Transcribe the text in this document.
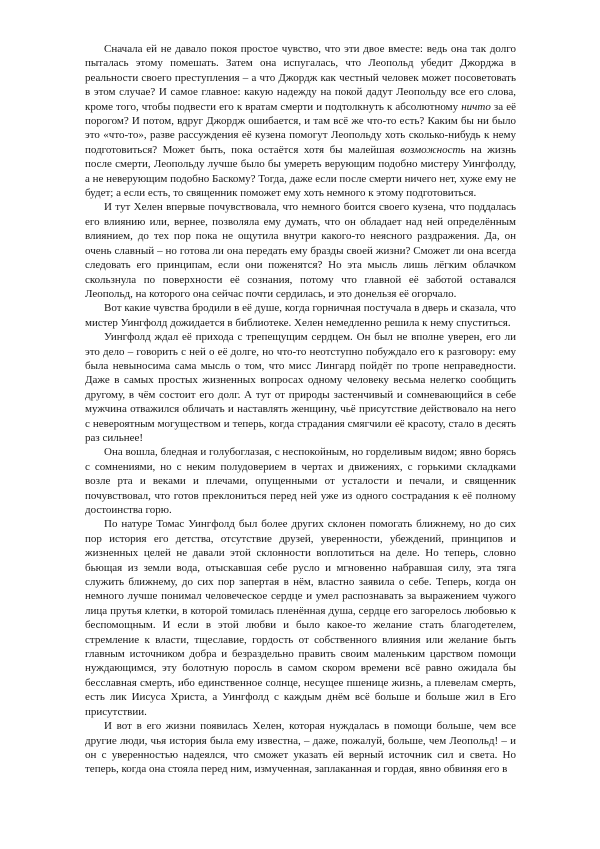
Сначала ей не давало покоя простое чувство, что эти двое вместе: ведь она так долго пыталась этому помешать. Затем она испугалась, что Леопольд убедит Джорджа в реальности своего преступления – а что Джордж как честный человек может посоветовать в этом случае? И самое главное: какую надежду на покой дадут Леопольду все его слова, кроме того, чтобы подвести его к вратам смерти и подтолкнуть к абсолютному ничто за её порогом? И потом, вдруг Джордж ошибается, и там всё же что-то есть? Каким бы ни было это «что-то», разве рассуждения её кузена помогут Леопольду хоть сколько-нибудь к нему подготовиться? Может быть, пока остаётся хотя бы малейшая возможность на жизнь после смерти, Леопольду лучше было бы умереть верующим подобно мистеру Уингфолду, а не неверующим подобно Баскому? Тогда, даже если после смерти ничего нет, хуже ему не будет; а если есть, то священник поможет ему хоть немного к этому подготовиться.

И тут Хелен впервые почувствовала, что немного боится своего кузена, что поддалась его влиянию или, вернее, позволяла ему думать, что он обладает над ней определённым влиянием, до тех пор пока не ощутила внутри какого-то неясного раздражения. Да, он очень славный – но готова ли она передать ему бразды своей жизни? Сможет ли она всегда следовать его принципам, если они поженятся? Но эта мысль лишь лёгким облачком скользнула по поверхности её сознания, потому что главной её заботой оставался Леопольд, на которого она сейчас почти сердилась, и это донельзя её огорчало.

Вот какие чувства бродили в её душе, когда горничная постучала в дверь и сказала, что мистер Уингфолд дожидается в библиотеке. Хелен немедленно решила к нему спуститься.

Уингфолд ждал её прихода с трепещущим сердцем. Он был не вполне уверен, его ли это дело – говорить с ней о её долге, но что-то неотступно побуждало его к разговору: ему была невыносима сама мысль о том, что мисс Лингард пойдёт по тропе неправедности. Даже в самых простых жизненных вопросах одному человеку весьма нелегко сообщить другому, в чём состоит его долг. А тут от природы застенчивый и сомневающийся в себе мужчина отважился обличать и наставлять женщину, чьё присутствие действовало на него с невероятным могуществом и теперь, когда страдания смягчили её красоту, стало в десять раз сильнее!

Она вошла, бледная и голубоглазая, с неспокойным, но горделивым видом; явно борясь с сомнениями, но с неким полудоверием в чертах и движениях, с горькими складками возле рта и веками и плечами, опущенными от усталости и печали, и священник почувствовал, что готов преклониться перед ней уже из одного сострадания к её полному достоинства горю.

По натуре Томас Уингфолд был более других склонен помогать ближнему, но до сих пор история его детства, отсутствие друзей, уверенности, убеждений, принципов и жизненных целей не давали этой склонности воплотиться на деле. Но теперь, словно бьющая из земли вода, отыскавшая себе русло и мгновенно набравшая силу, эта тяга служить ближнему, до сих пор запертая в нём, властно заявила о себе. Теперь, когда он немного лучше понимал человеческое сердце и умел распознавать за выражением чужого лица прутья клетки, в которой томилась пленённая душа, сердце его загорелось любовью к беспомощным. И если в этой любви и было какое-то желание стать благодетелем, стремление к власти, тщеславие, гордость от собственного влияния или желание быть главным источником добра и безраздельно править своим маленьким царством помощи нуждающимся, эту болотную поросль в самом скором времени всё равно ожидала бы бесславная смерть, ибо единственное солнце, несущее пшенице жизнь, а плевелам смерть, есть лик Иисуса Христа, а Уингфолд с каждым днём всё больше и больше жил в Его присутствии.

И вот в его жизни появилась Хелен, которая нуждалась в помощи больше, чем все другие люди, чья история была ему известна, – даже, пожалуй, больше, чем Леопольд! – и он с уверенностью надеялся, что сможет указать ей верный источник сил и света. Но теперь, когда она стояла перед ним, измученная, заплаканная и гордая, явно обвиняя его в
